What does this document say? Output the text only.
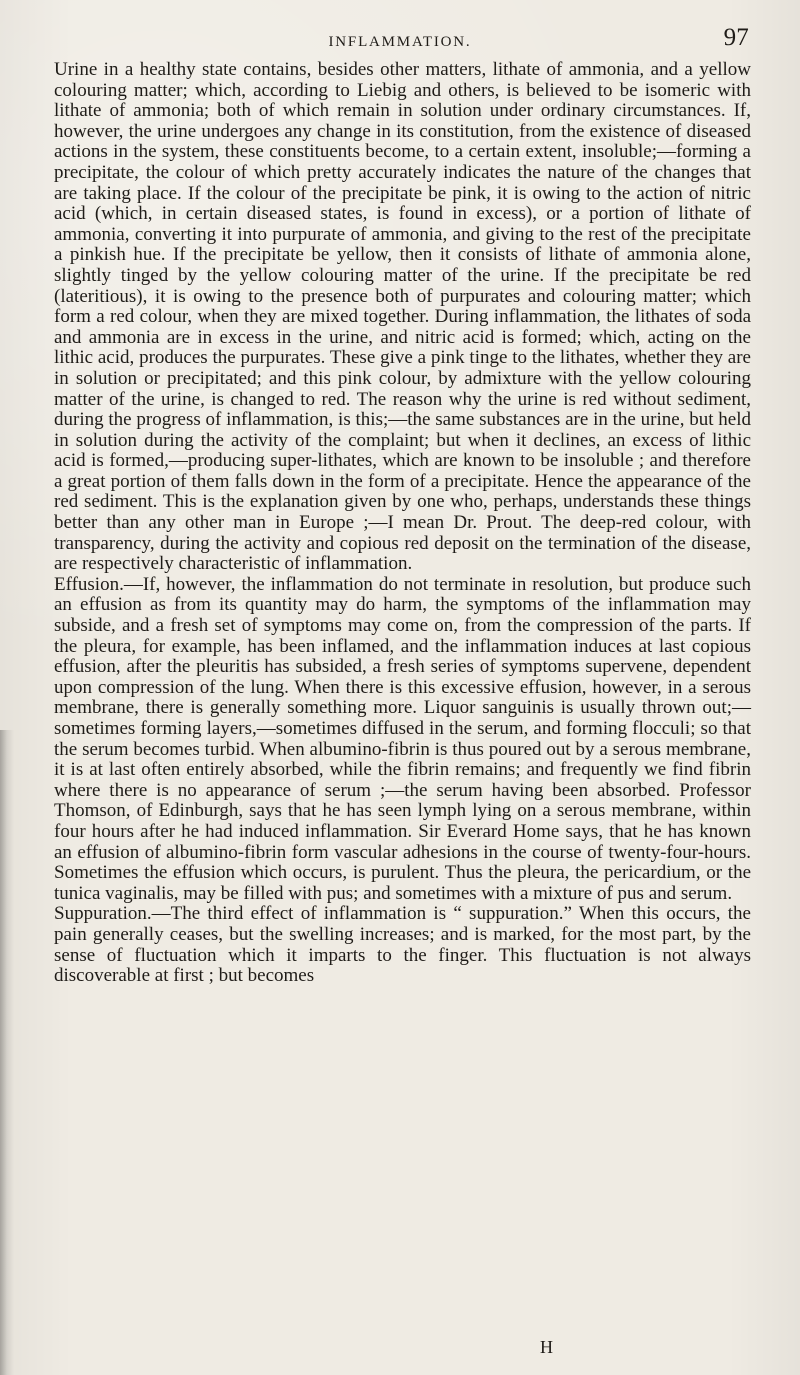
INFLAMMATION.	97

Urine in a healthy state contains, besides other matters, lithate of ammonia, and a yellow colouring matter; which, according to Liebig and others, is believed to be isomeric with lithate of ammonia; both of which remain in solution under ordinary circumstances. If, however, the urine undergoes any change in its constitution, from the existence of diseased actions in the system, these constituents become, to a certain extent, insoluble;—forming a precipitate, the colour of which pretty accurately indicates the nature of the changes that are taking place. If the colour of the precipitate be pink, it is owing to the action of nitric acid (which, in certain diseased states, is found in excess), or a portion of lithate of ammonia, converting it into purpurate of ammonia, and giving to the rest of the precipitate a pinkish hue. If the precipitate be yellow, then it consists of lithate of ammonia alone, slightly tinged by the yellow colouring matter of the urine. If the precipitate be red (lateritious), it is owing to the presence both of purpurates and colouring matter; which form a red colour, when they are mixed together. During inflammation, the lithates of soda and ammonia are in excess in the urine, and nitric acid is formed; which, acting on the lithic acid, produces the purpurates. These give a pink tinge to the lithates, whether they are in solution or precipitated; and this pink colour, by admixture with the yellow colouring matter of the urine, is changed to red. The reason why the urine is red without sediment, during the progress of inflammation, is this;—the same substances are in the urine, but held in solution during the activity of the complaint; but when it declines, an excess of lithic acid is formed,—producing super-lithates, which are known to be insoluble ; and therefore a great portion of them falls down in the form of a precipitate. Hence the appearance of the red sediment. This is the explanation given by one who, perhaps, understands these things better than any other man in Europe ;—I mean Dr. Prout. The deep-red colour, with transparency, during the activity and copious red deposit on the termination of the disease, are respectively characteristic of inflammation.

Effusion.—If, however, the inflammation do not terminate in resolution, but produce such an effusion as from its quantity may do harm, the symptoms of the inflammation may subside, and a fresh set of symptoms may come on, from the compression of the parts. If the pleura, for example, has been inflamed, and the inflammation induces at last copious effusion, after the pleuritis has subsided, a fresh series of symptoms supervene, dependent upon compression of the lung. When there is this excessive effusion, however, in a serous membrane, there is generally something more. Liquor sanguinis is usually thrown out;—sometimes forming layers,—sometimes diffused in the serum, and forming flocculi; so that the serum becomes turbid. When albumino-fibrin is thus poured out by a serous membrane, it is at last often entirely absorbed, while the fibrin remains; and frequently we find fibrin where there is no appearance of serum ;—the serum having been absorbed. Professor Thomson, of Edinburgh, says that he has seen lymph lying on a serous membrane, within four hours after he had induced inflammation. Sir Everard Home says, that he has known an effusion of albumino-fibrin form vascular adhesions in the course of twenty-four-hours. Sometimes the effusion which occurs, is purulent. Thus the pleura, the pericardium, or the tunica vaginalis, may be filled with pus; and sometimes with a mixture of pus and serum.

Suppuration.—The third effect of inflammation is “ suppuration.” When this occurs, the pain generally ceases, but the swelling increases; and is marked, for the most part, by the sense of fluctuation which it imparts to the finger. This fluctuation is not always discoverable at first ; but becomes

H
